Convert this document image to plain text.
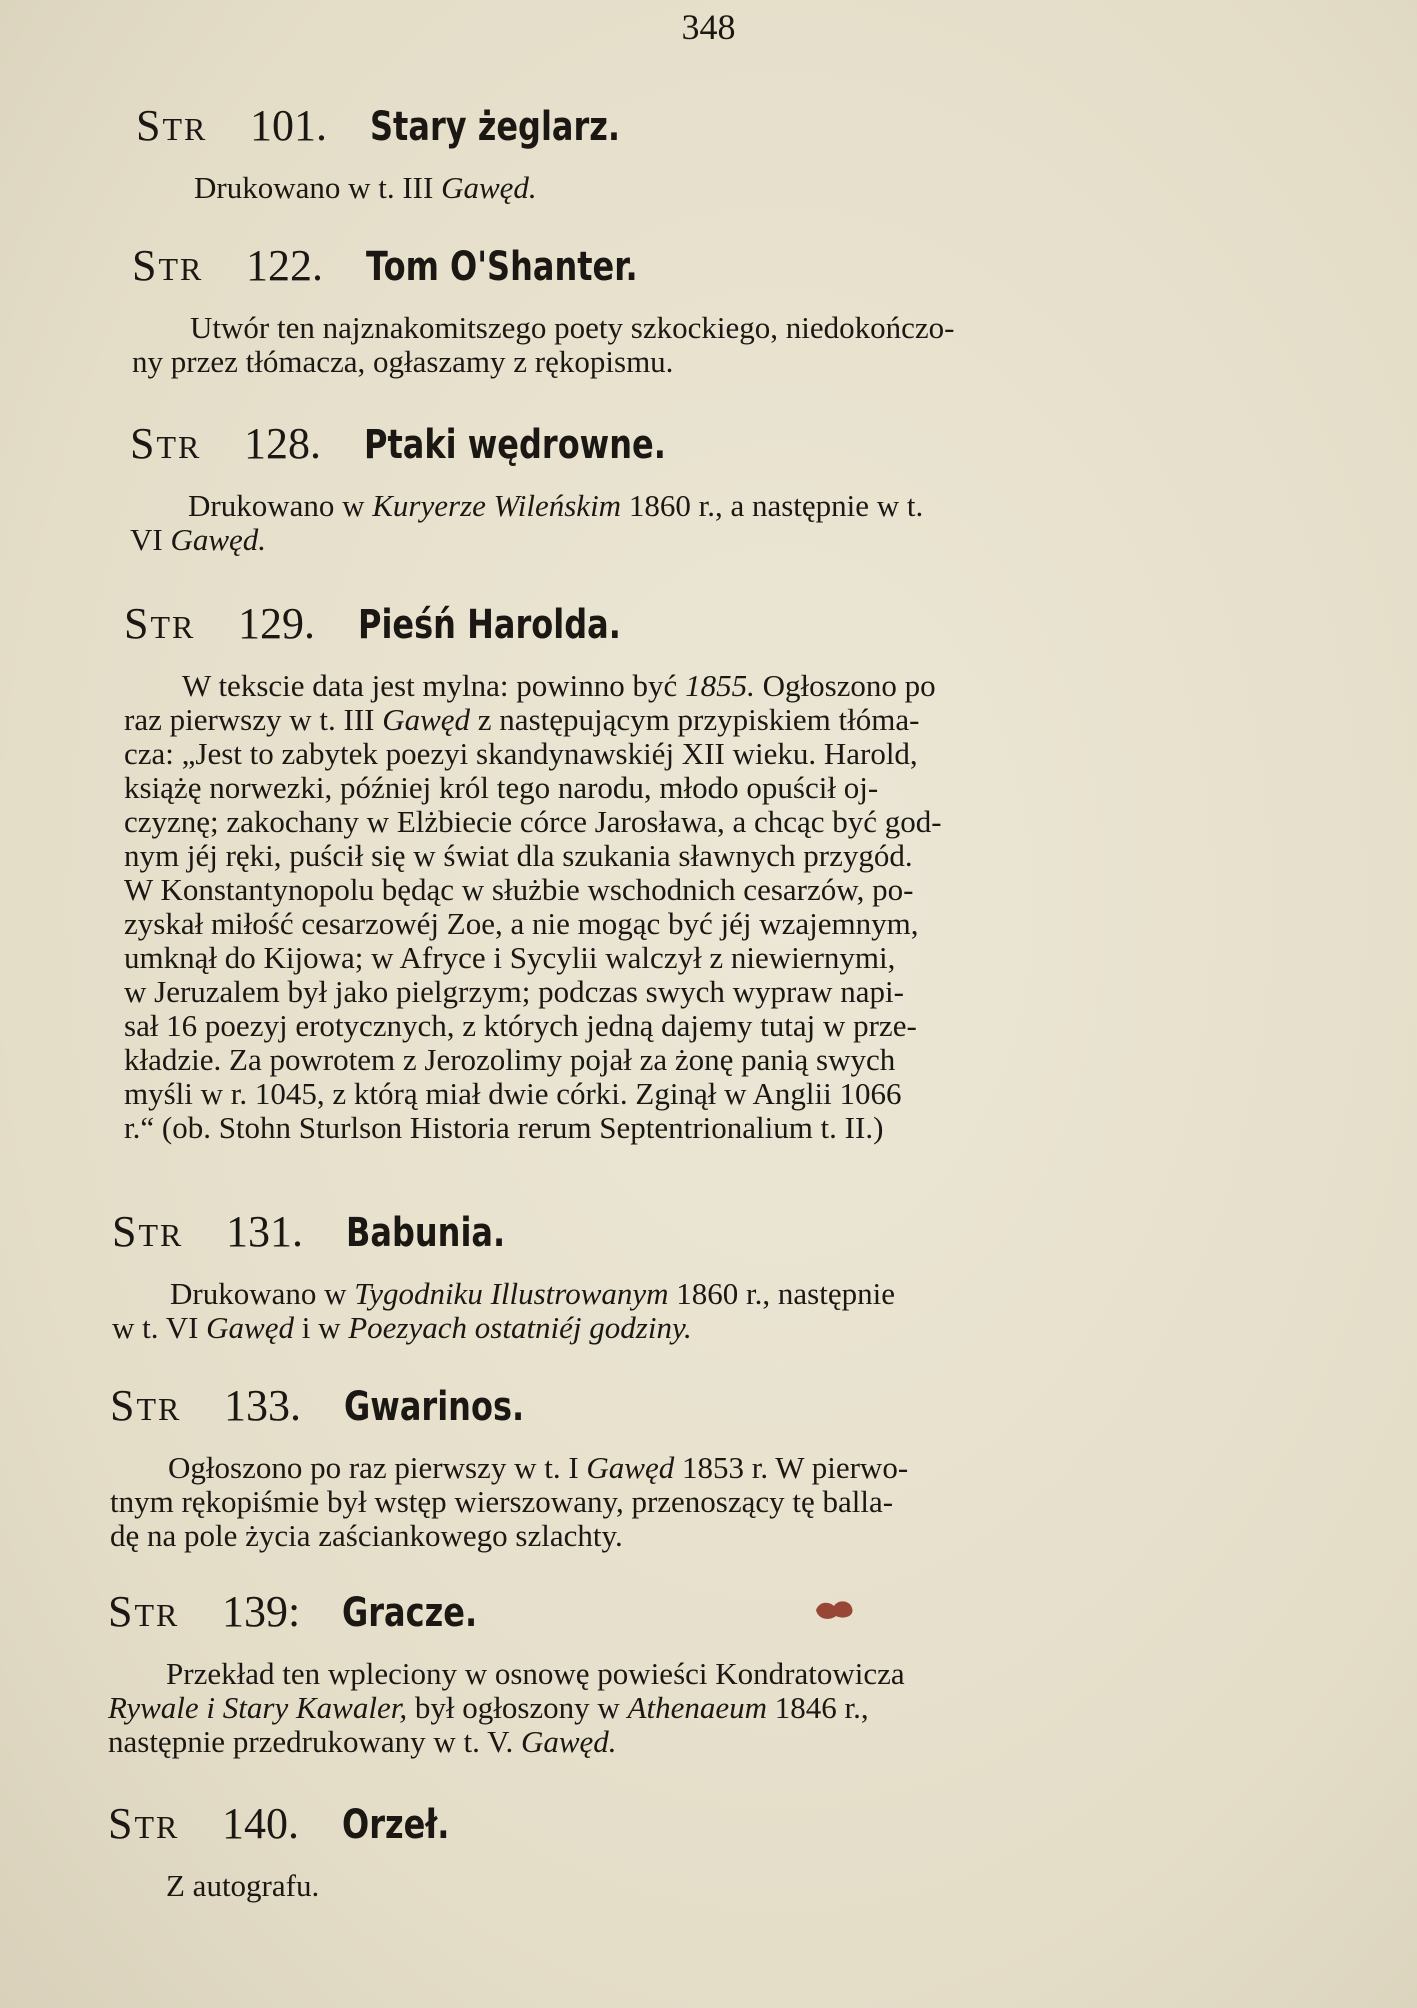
348
STR 101. Stary żeglarz.
Drukowano w t. III Gawęd.
STR 122. Tom O'Shanter.
Utwór ten najznakomitszego poety szkockiego, niedokończo-
ny przez tłómacza, ogłaszamy z rękopismu.
STR 128. Ptaki wędrowne.
Drukowano w Kuryerze Wileńskim 1860 r., a następnie w t.
VI Gawęd.
STR 129. Pieśń Harolda.
W tekscie data jest mylna: powinno być 1855. Ogłoszono po
raz pierwszy w t. III Gawęd z następującym przypiskiem tłóma-
cza: „Jest to zabytek poezyi skandynawskiéj XII wieku. Harold,
książę norwezki, później król tego narodu, młodo opuścił oj-
czyznę; zakochany w Elżbiecie córce Jarosława, a chcąc być god-
nym jéj ręki, puścił się w świat dla szukania sławnych przygód.
W Konstantynopolu będąc w służbie wschodnich cesarzów, po-
zyskał miłość cesarzowéj Zoe, a nie mogąc być jéj wzajemnym,
umknął do Kijowa; w Afryce i Sycylii walczył z niewiernymi,
w Jeruzalem był jako pielgrzym; podczas swych wypraw napi-
sał 16 poezyj erotycznych, z których jedną dajemy tutaj w prze-
kładzie. Za powrotem z Jerozolimy pojał za żonę panią swych
myśli w r. 1045, z którą miał dwie córki. Zginął w Anglii 1066
r.“ (ob. Stohn Sturlson Historia rerum Septentrionalium t. II.)
STR 131. Babunia.
Drukowano w Tygodniku Illustrowanym 1860 r., następnie
w t. VI Gawęd i w Poezyach ostatniéj godziny.
STR 133. Gwarinos.
Ogłoszono po raz pierwszy w t. I Gawęd 1853 r. W pierwo-
tnym rękopiśmie był wstęp wierszowany, przenoszący tę balla-
dę na pole życia zaściankowego szlachty.
STR 139: Gracze.
Przekład ten wpleciony w osnowę powieści Kondratowicza
Rywale i Stary Kawaler, był ogłoszony w Athenaeum 1846 r.,
następnie przedrukowany w t. V. Gawęd.
STR 140. Orzeł.
Z autografu.
